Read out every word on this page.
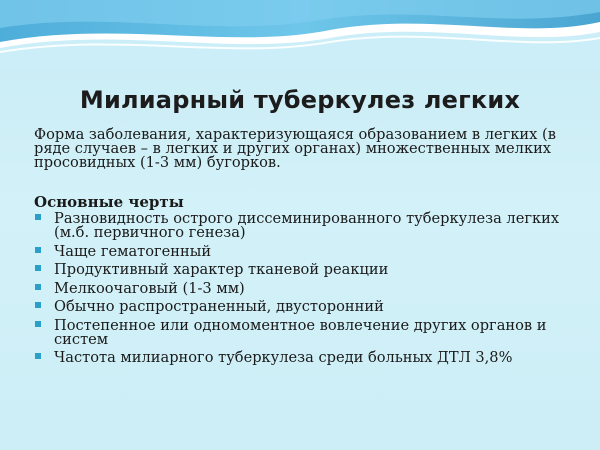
Милиарный туберкулез легких
Форма заболевания, характеризующаяся образованием в легких (в ряде случаев – в легких и других органах) множественных мелких просовидных (1-3 мм) бугорков.
Основные черты
Разновидность острого диссеминированного туберкулеза легких (м.б. первичного генеза)
Чаще гематогенный
Продуктивный характер тканевой реакции
Мелкоочаговый (1-3 мм)
Обычно распространенный, двусторонний
Постепенное или одномоментное вовлечение других органов и систем
Частота милиарного туберкулеза среди больных ДТЛ 3,8%
